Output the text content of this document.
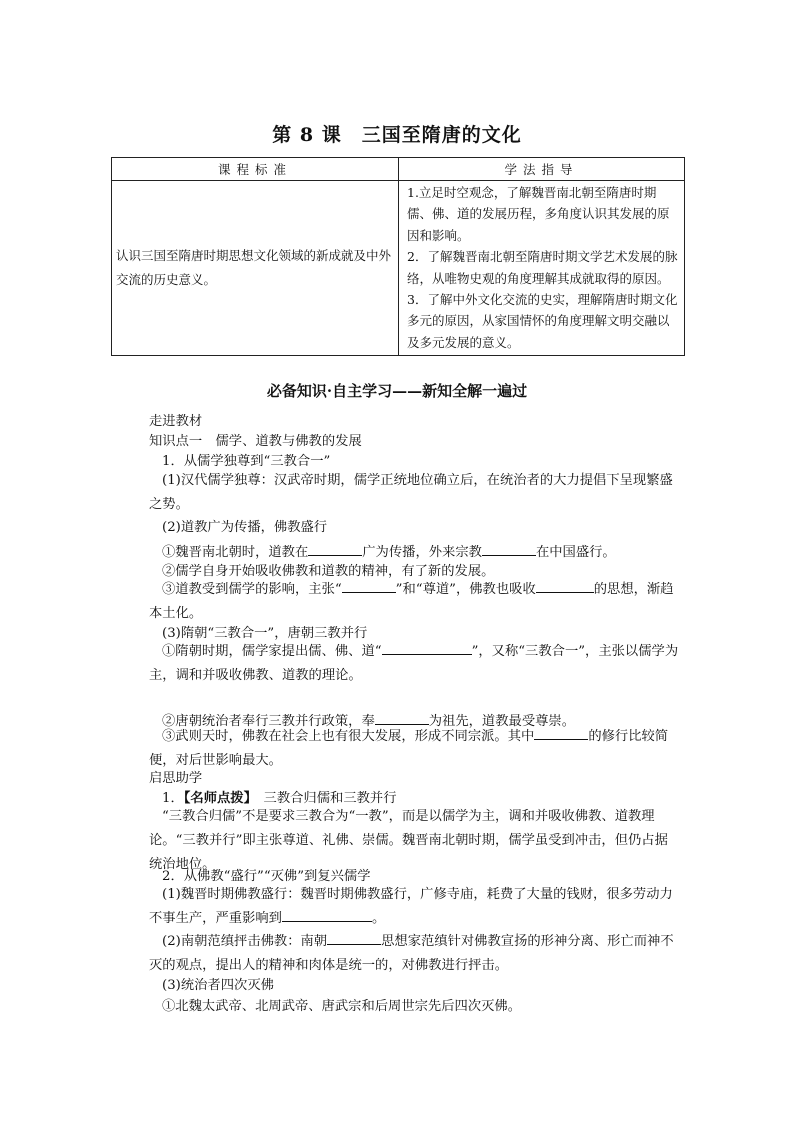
第 8 课　三国至隋唐的文化
课程标准	学法指导
认识三国至隋唐时期思想文化领域的新成就及中外交流的历史意义。	1.立足时空观念，了解魏晋南北朝至隋唐时期儒、佛、道的发展历程，多角度认识其发展的原因和影响。
2．了解魏晋南北朝至隋唐时期文学艺术发展的脉络，从唯物史观的角度理解其成就取得的原因。
3．了解中外文化交流的史实，理解隋唐时期文化多元的原因，从家国情怀的角度理解文明交融以及多元发展的意义。
必备知识·自主学习——新知全解一遍过
走进教材
知识点一　儒学、道教与佛教的发展
1．从儒学独尊到“三教合一”
(1)汉代儒学独尊：汉武帝时期，儒学正统地位确立后，在统治者的大力提倡下呈现繁盛之势。
(2)道教广为传播，佛教盛行
①魏晋南北朝时，道教在	广为传播，外来宗教	在中国盛行。
②儒学自身开始吸收佛教和道教的精神，有了新的发展。
③道教受到儒学的影响，主张“	”和“尊道”，佛教也吸收	的思想，渐趋本土化。
(3)隋朝“三教合一”，唐朝三教并行
①隋朝时期，儒学家提出儒、佛、道“	”，又称“三教合一”，主张以儒学为主，调和并吸收佛教、道教的理论。
②唐朝统治者奉行三教并行政策，奉	为祖先，道教最受尊崇。
③武则天时，佛教在社会上也有很大发展，形成不同宗派。其中	的修行比较简便，对后世影响最大。
启思助学
1．【名师点拨】　三教合归儒和三教并行
“三教合归儒”不是要求三教合为“一教”，而是以儒学为主，调和并吸收佛教、道教理论。“三教并行”即主张尊道、礼佛、崇儒。魏晋南北朝时期，儒学虽受到冲击，但仍占据统治地位。
2．从佛教“盛行”“灭佛”到复兴儒学
(1)魏晋时期佛教盛行：魏晋时期佛教盛行，广修寺庙，耗费了大量的钱财，很多劳动力不事生产，严重影响到	。
(2)南朝范缜抨击佛教：南朝	思想家范缜针对佛教宣扬的形神分离、形亡而神不灭的观点，提出人的精神和肉体是统一的，对佛教进行抨击。
(3)统治者四次灭佛
①北魏太武帝、北周武帝、唐武宗和后周世宗先后四次灭佛。
